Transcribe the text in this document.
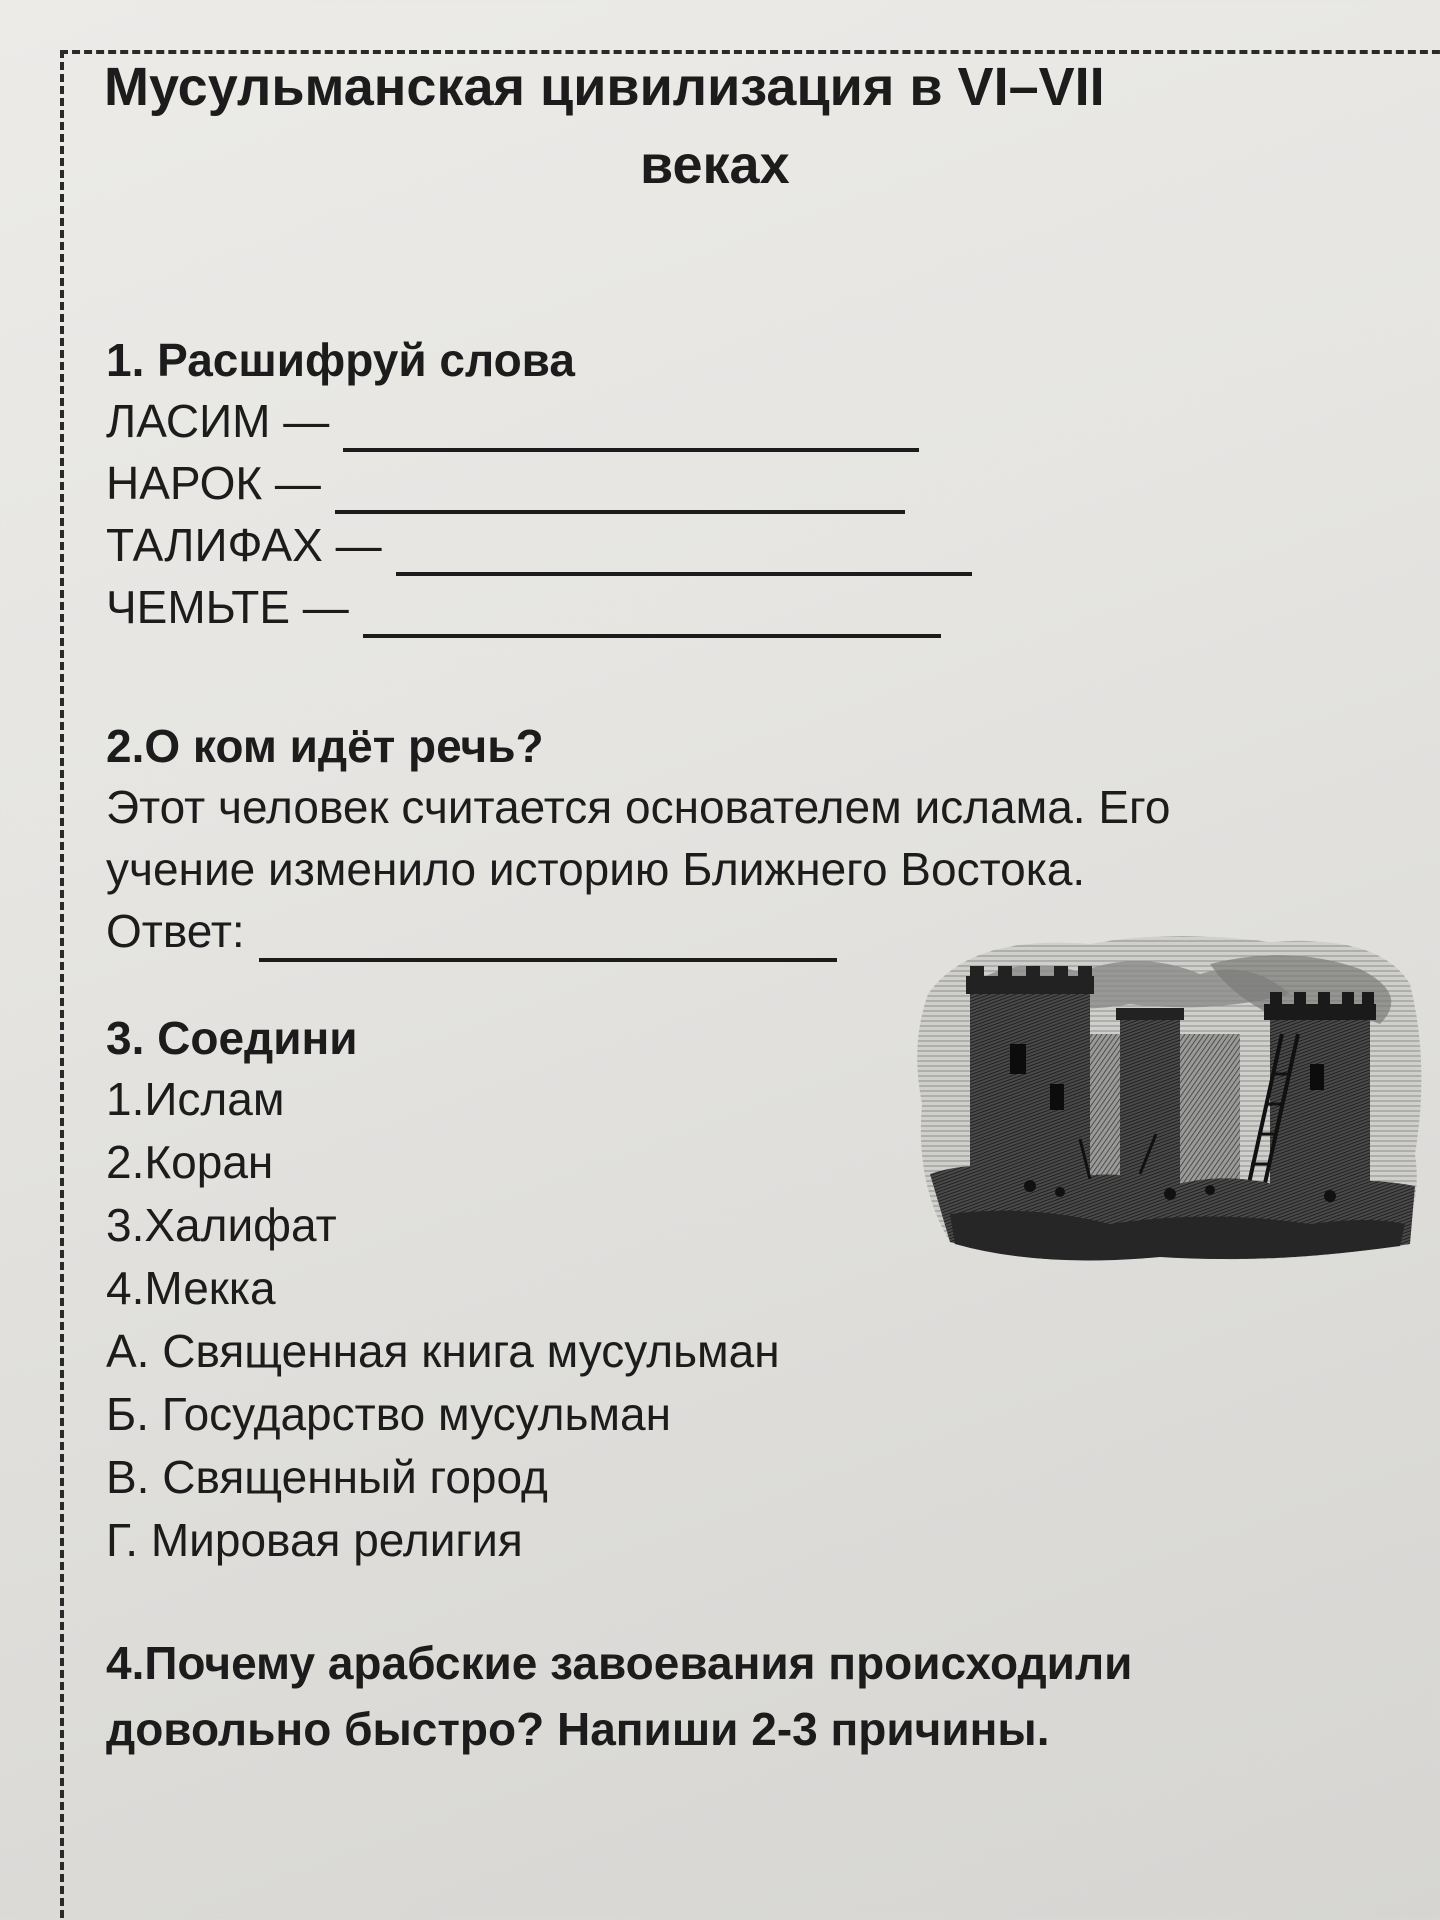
Мусульманская цивилизация в VI–VII
веках
1. Расшифруй слова
ЛАСИМ —
НАРОК —
ТАЛИФАХ —
ЧЕМЬТЕ —
2.О ком идёт речь?
Этот человек считается основателем ислама. Его
учение изменило историю Ближнего Востока.
Ответ:
3. Соедини
1.Ислам
2.Коран
3.Халифат
4.Мекка
А. Священная книга мусульман
Б. Государство мусульман
В. Священный город
Г. Мировая религия
4.Почему арабские завоевания происходили
довольно быстро? Напиши 2-3 причины.
